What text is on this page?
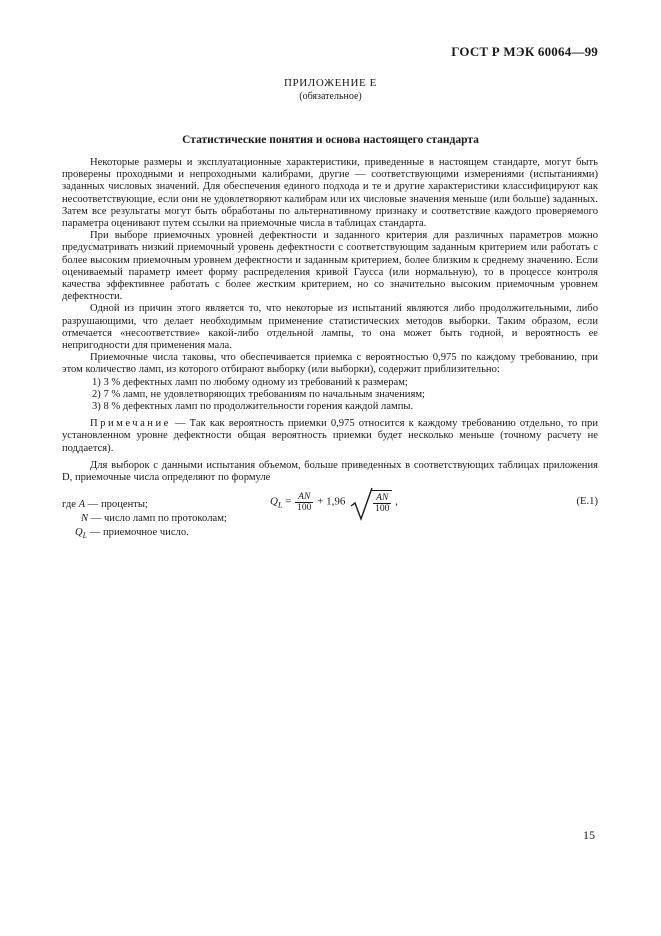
ГОСТ Р МЭК 60064—99
ПРИЛОЖЕНИЕ Е
(обязательное)
Статистические понятия и основа настоящего стандарта

Некоторые размеры и эксплуатационные характеристики, приведенные в настоящем стандарте, могут быть проверены проходными и непроходными калибрами, другие — соответствующими измерениями (испытаниями) заданных числовых значений. Для обеспечения единого подхода и те и другие характеристики классифицируют как несоответствующие, если они не удовлетворяют калибрам или их числовые значения меньше (или больше) заданных. Затем все результаты могут быть обработаны по альтернативному признаку и соответствие каждого проверяемого параметра оценивают путем ссылки на приемочные числа в таблицах стандарта.

При выборе приемочных уровней дефектности и заданного критерия для различных параметров можно предусматривать низкий приемочный уровень дефектности с соответствующим заданным критерием или работать с более высоким приемочным уровнем дефектности и заданным критерием, более близким к среднему значению. Если оцениваемый параметр имеет форму распределения кривой Гаусса (или нормальную), то в процессе контроля качества эффективнее работать с более жестким критерием, но со значительно высоким приемочным уровнем дефектности.

Одной из причин этого является то, что некоторые из испытаний являются либо продолжительными, либо разрушающими, что делает необходимым применение статистических методов выборки. Таким образом, если отмечается «несоответствие» какой-либо отдельной лампы, то она может быть годной, и вероятность ее непригодности для применения мала.

Приемочные числа таковы, что обеспечивается приемка с вероятностью 0,975 по каждому требованию, при этом количество ламп, из которого отбирают выборку (или выборки), содержит приблизительно:

1) 3 % дефектных ламп по любому одному из требований к размерам;
2) 7 % ламп, не удовлетворяющих требованиям по начальным значениям;
3) 8 % дефектных ламп по продолжительности горения каждой лампы.

Примечание — Так как вероятность приемки 0,975 относится к каждому требованию отдельно, то при установленном уровне дефектности общая вероятность приемки будет несколько меньше (точному расчету не поддается).

Для выборок с данными испытания объемом, больше приведенных в соответствующих таблицах приложения D, приемочные числа определяют по формуле

$Q_L = \frac{AN}{100} + 1,96$	$\frac{AN}{100}$ ,	(E.1)
где A — проценты;
N — число ламп по протоколам;
$Q_L$ — приемочное число.
15
